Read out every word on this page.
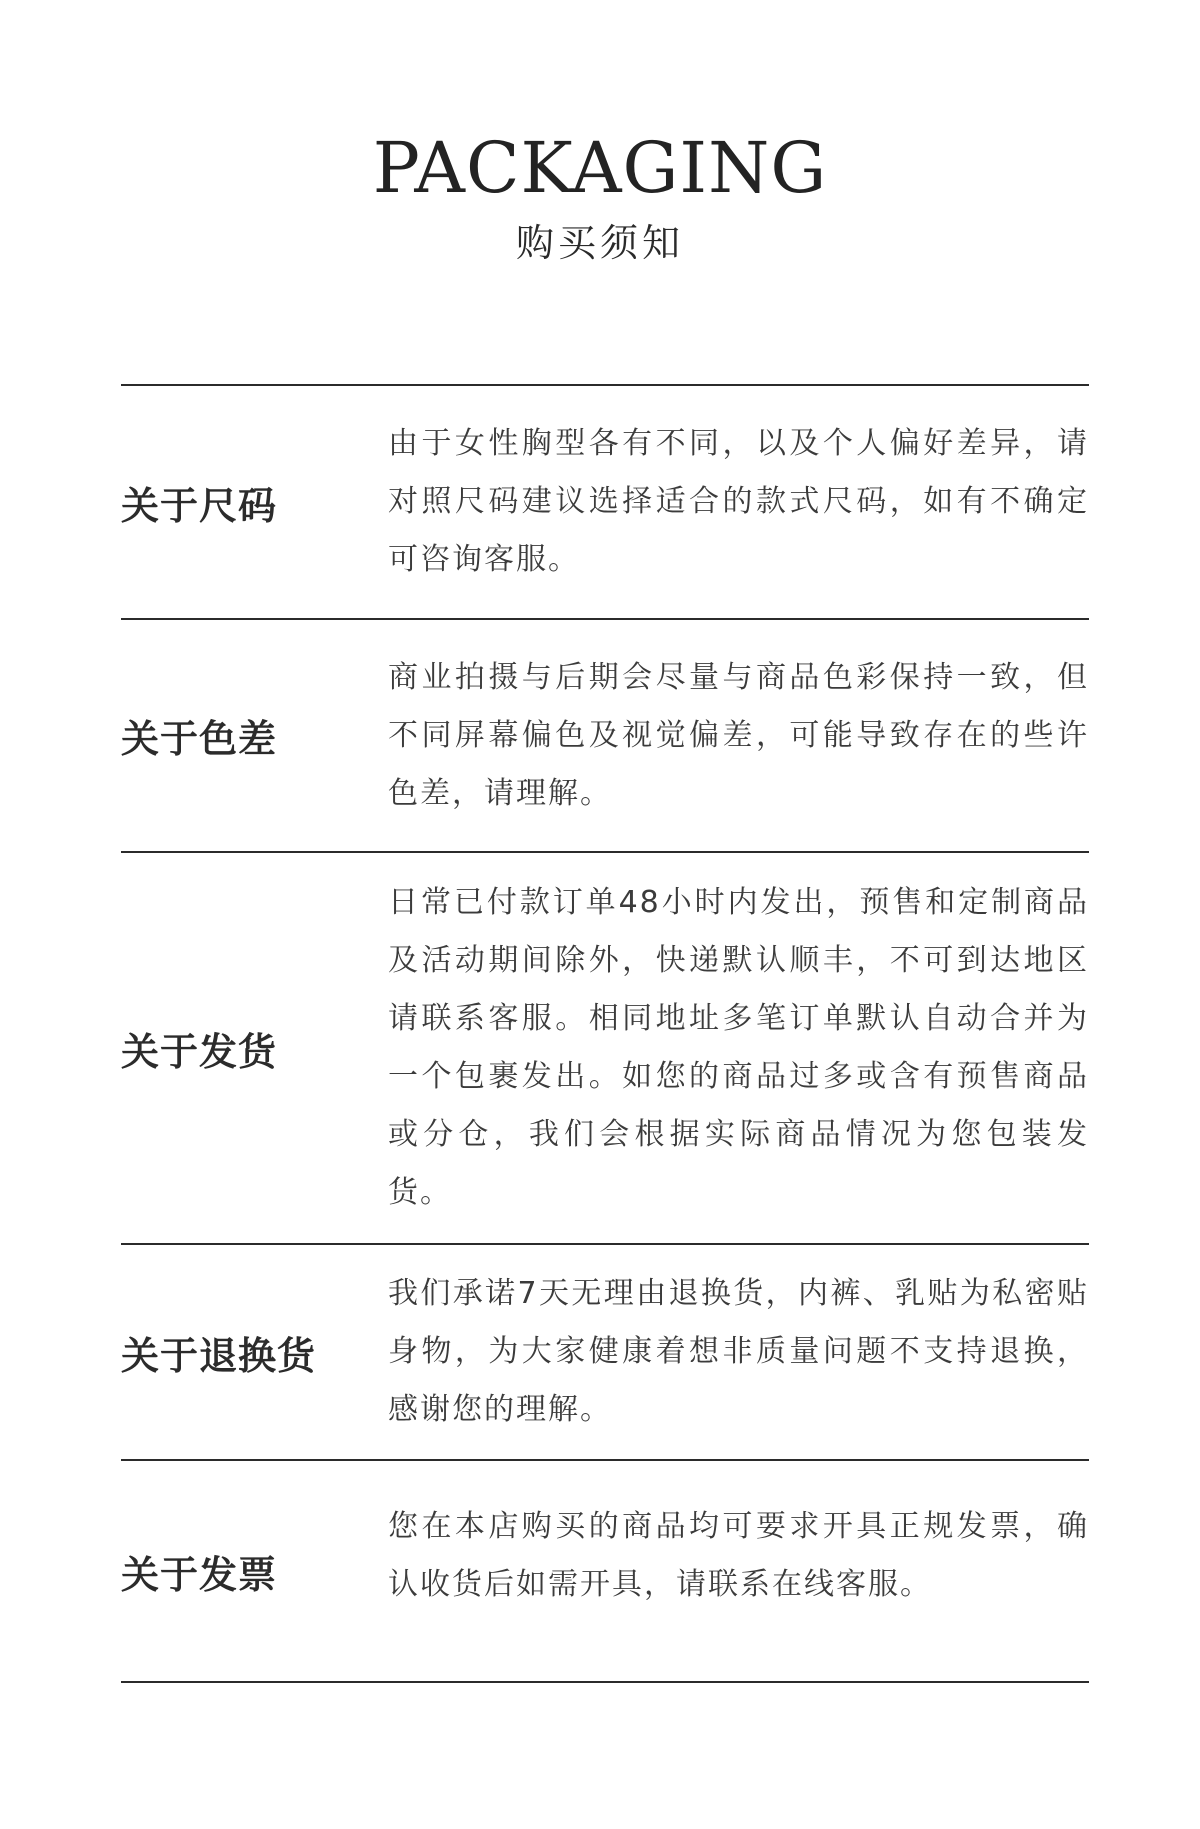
PACKAGING
购买须知
关于尺码
由于女性胸型各有不同，以及个人偏好差异，请对照尺码建议选择适合的款式尺码，如有不确定可咨询客服。
关于色差
商业拍摄与后期会尽量与商品色彩保持一致，但不同屏幕偏色及视觉偏差，可能导致存在的些许色差，请理解。
关于发货
日常已付款订单48小时内发出，预售和定制商品及活动期间除外，快递默认顺丰，不可到达地区请联系客服。相同地址多笔订单默认自动合并为一个包裹发出。如您的商品过多或含有预售商品或分仓，我们会根据实际商品情况为您包装发货。
关于退换货
我们承诺7天无理由退换货，内裤、乳贴为私密贴身物，为大家健康着想非质量问题不支持退换，感谢您的理解。
关于发票
您在本店购买的商品均可要求开具正规发票，确认收货后如需开具，请联系在线客服。
